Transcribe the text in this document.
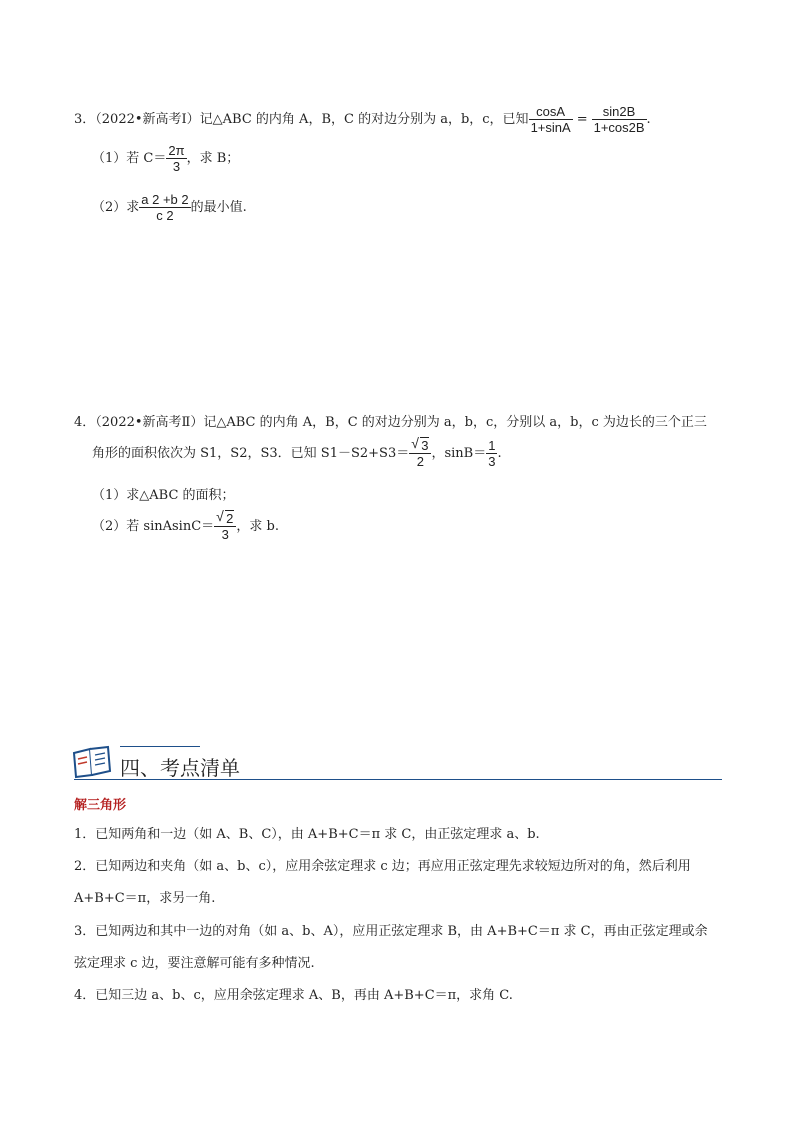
3．（2022•新高考Ⅰ）记△ABC 的内角 A，B，C 的对边分别为 a，b，c，已知 $\frac{\cos A}{1+\sin A} = \frac{\sin 2B}{1+\cos 2B}$ .
（1）若 $C= \frac{2\pi}{3}$ ，求 B；
（2）求 $\frac{a 2 +b 2}{c 2}$ 的最小值.
4．（2022•新高考Ⅱ）记△ABC 的内角 A，B，C 的对边分别为 a，b，c，分别以 a，b，c 为边长的三个正三
角形的面积依次为 S1，S2，S3．已知 S1－S2+S3＝ √ $\frac{3}{2}$ ，$\sin B= \frac{1}{3}$ .
（1）求△ABC 的面积；
（2）若 sinAsinC＝ √ $\frac{2}{3}$ ，求 b.
四、考点清单
解三角形
1．已知两角和一边（如 A、B、C），由 A+B+C＝π 求 C，由正弦定理求 a、b.
2．已知两边和夹角（如 a、b、c），应用余弦定理求 c 边；再应用正弦定理先求较短边所对的角，然后利用
A+B+C＝π，求另一角.
3．已知两边和其中一边的对角（如 a、b、A），应用正弦定理求 B，由 A+B+C＝π 求 C，再由正弦定理或余
弦定理求 c 边，要注意解可能有多种情况.
4．已知三边 a、b、c，应用余弦定理求 A、B，再由 A+B+C＝π，求角 C.
